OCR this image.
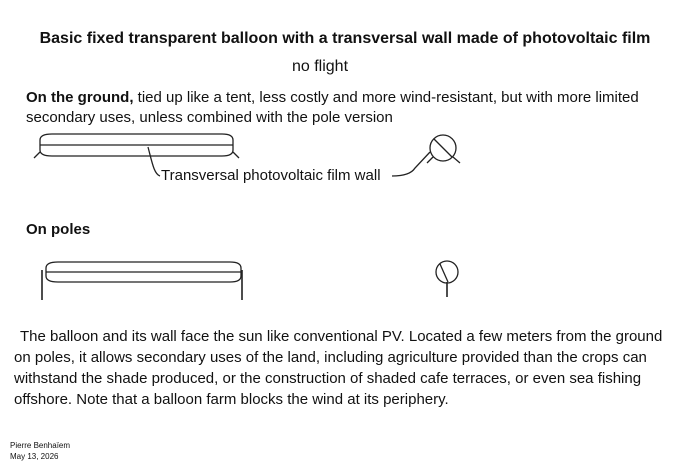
Basic fixed transparent balloon with a transversal wall made of photovoltaic film
no flight
On the ground, tied up like a tent, less costly and more wind-resistant, but with more limited secondary uses, unless combined with the pole version
Transversal photovoltaic film wall
On poles
The balloon and its wall face the sun like conventional PV. Located a few meters from the ground on poles, it allows secondary uses of the land, including agriculture provided than the crops can withstand the shade produced, or the construction of shaded cafe terraces, or even sea fishing offshore. Note that a balloon farm blocks the wind at its periphery.
Pierre Benhaïem
May 13, 2026
